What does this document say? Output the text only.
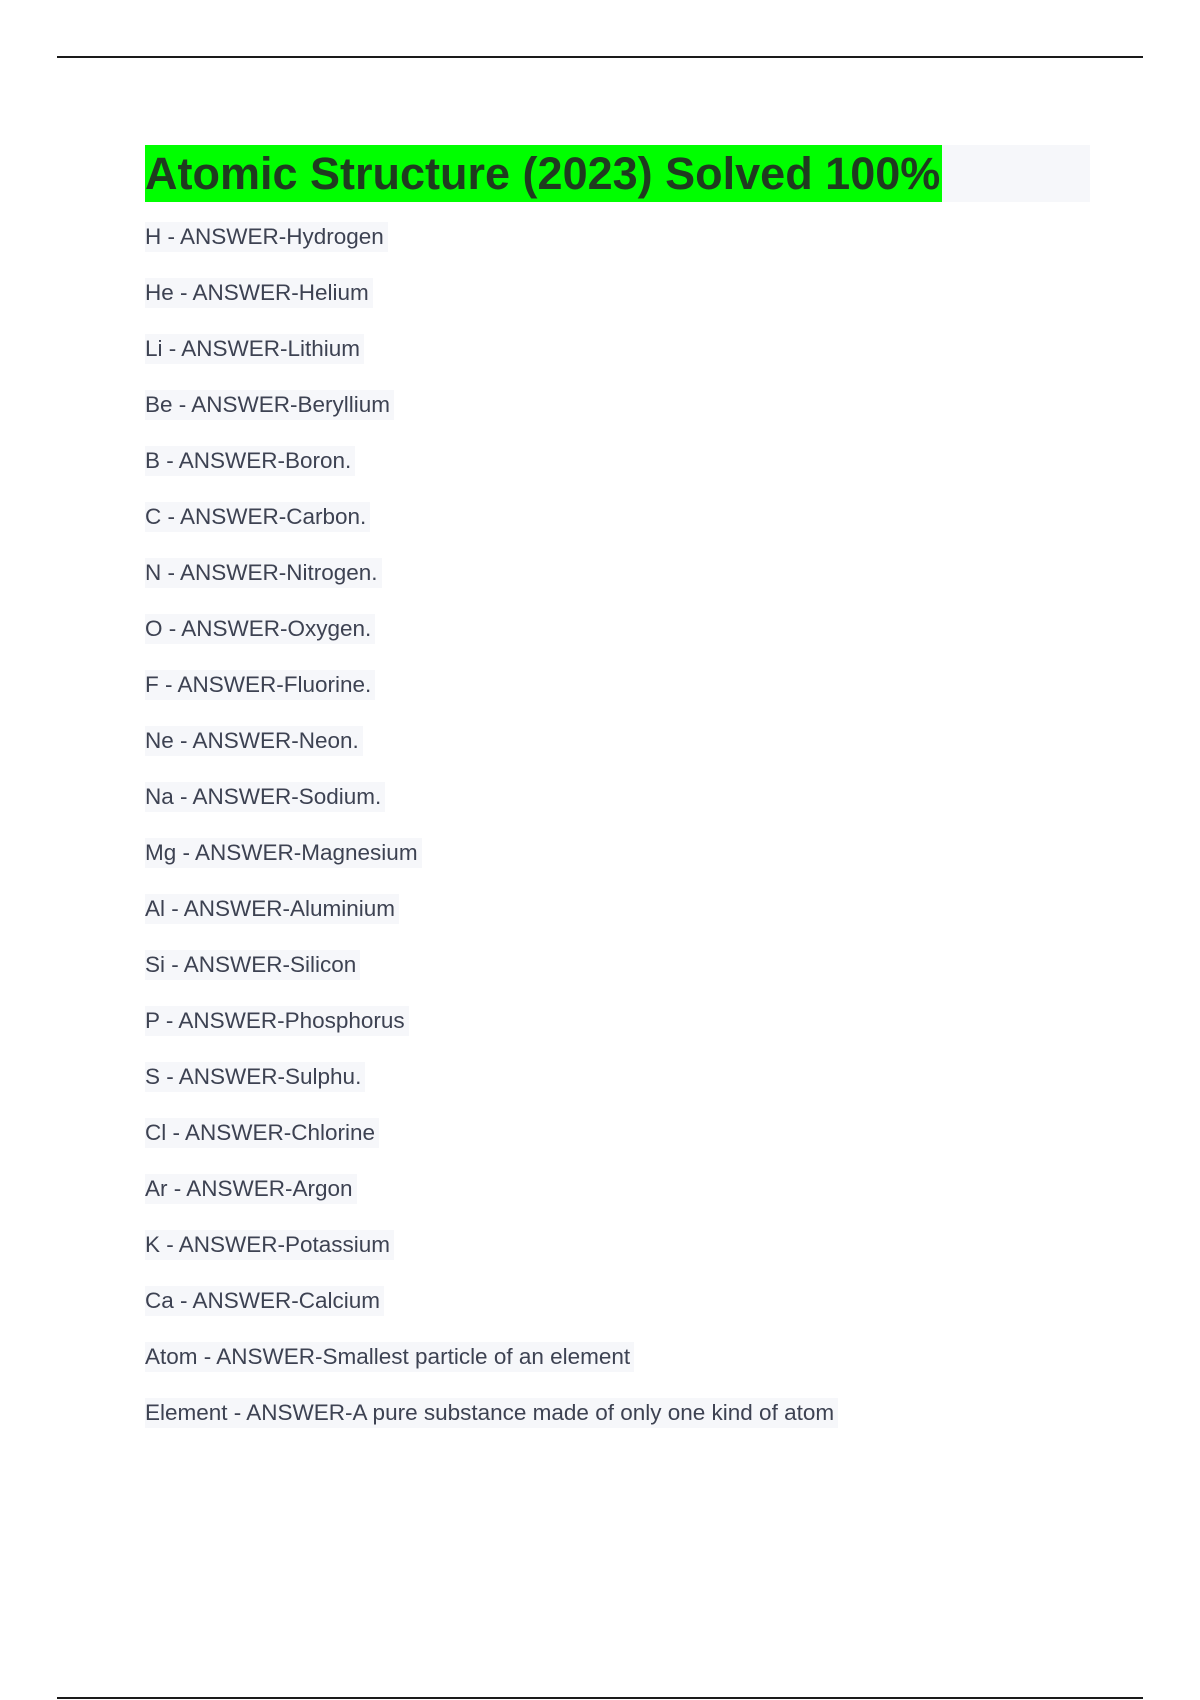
Atomic Structure (2023) Solved 100%
H - ANSWER-Hydrogen
He - ANSWER-Helium
Li - ANSWER-Lithium
Be - ANSWER-Beryllium
B - ANSWER-Boron.
C - ANSWER-Carbon.
N - ANSWER-Nitrogen.
O - ANSWER-Oxygen.
F - ANSWER-Fluorine.
Ne - ANSWER-Neon.
Na - ANSWER-Sodium.
Mg - ANSWER-Magnesium
Al - ANSWER-Aluminium
Si - ANSWER-Silicon
P - ANSWER-Phosphorus
S - ANSWER-Sulphu.
Cl - ANSWER-Chlorine
Ar - ANSWER-Argon
K - ANSWER-Potassium
Ca - ANSWER-Calcium
Atom - ANSWER-Smallest particle of an element
Element - ANSWER-A pure substance made of only one kind of atom
